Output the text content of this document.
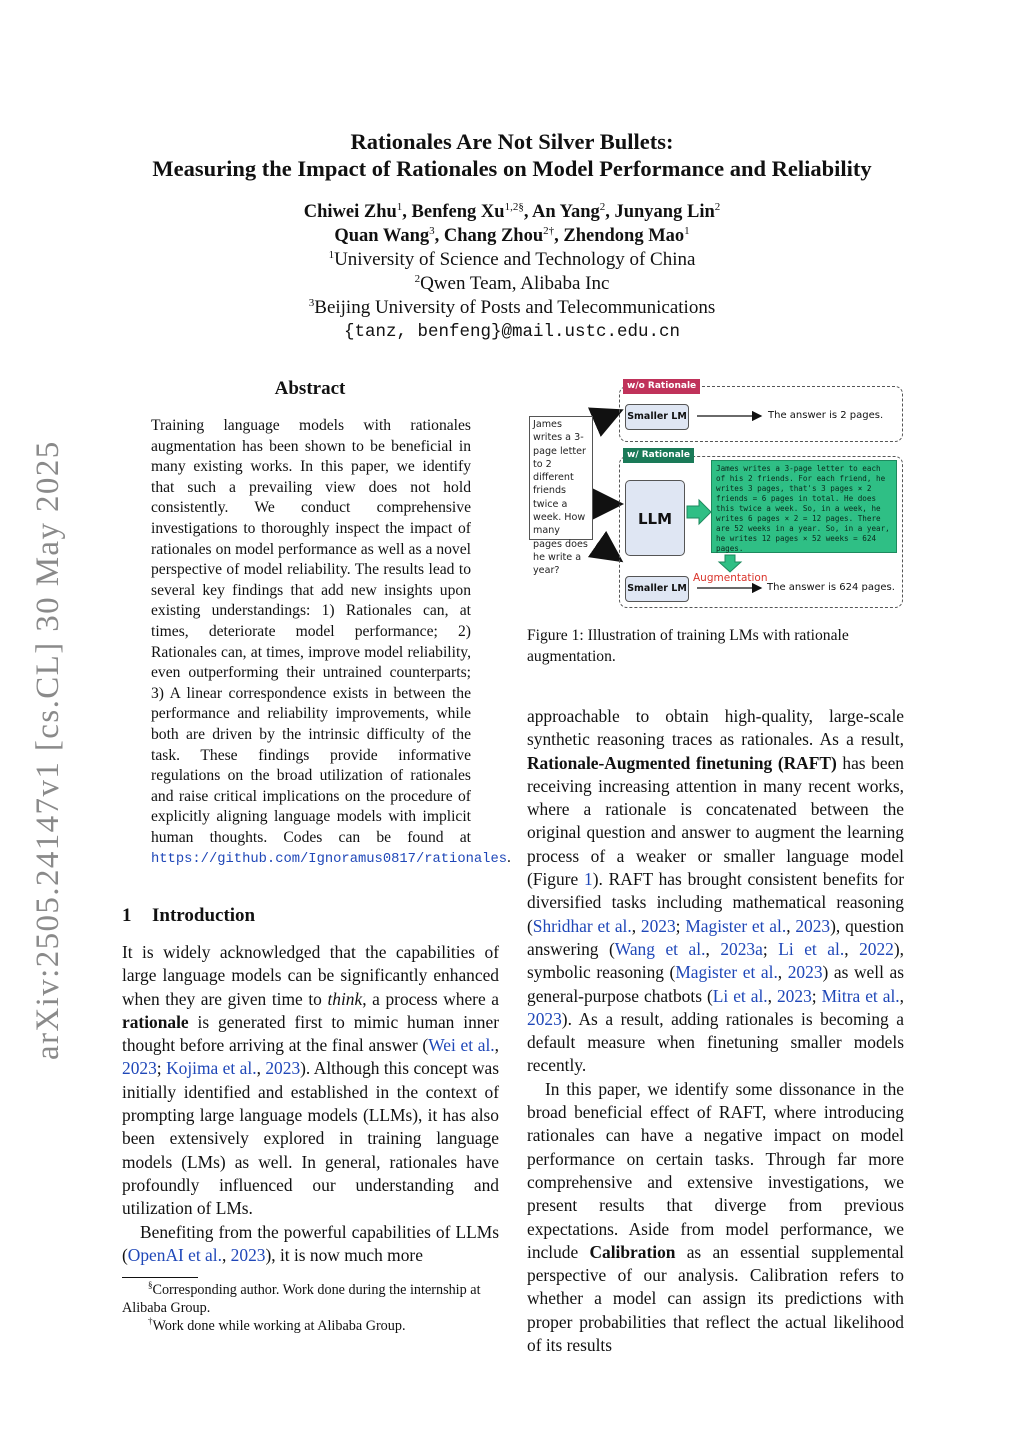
arXiv:2505.24147v1 [cs.CL] 30 May 2025
Rationales Are Not Silver Bullets:
Measuring the Impact of Rationales on Model Performance and Reliability
Chiwei Zhu$^1$, Benfeng $Xu^{1,2\S}$, An Yang$^2$, Junyang Lin$^2$
Quan Wang$^3$, Chang Zhou$^{2\dagger}$, Zhendong Mao$^1$
$^1$University of Science and Technology of China
$^2$Qwen Team, Alibaba Inc
$^3$Beijing University of Posts and Telecommunications
{tanz, benfeng}@mail.ustc.edu.cn
Abstract
Training language models with rationales augmentation has been shown to be beneficial in many existing works. In this paper, we identify that such a prevailing view does not hold consistently. We conduct comprehensive investigations to thoroughly inspect the impact of rationales on model performance as well as a novel perspective of model reliability. The results lead to several key findings that add new insights upon existing understandings: 1) Rationales can, at times, deteriorate model performance; 2) Rationales can, at times, improve model reliability, even outperforming their untrained counterparts; 3) A linear correspondence exists in between the performance and reliability improvements, while both are driven by the intrinsic difficulty of the task. These findings provide informative regulations on the broad utilization of rationales and raise critical implications on the procedure of explicitly aligning language models with implicit human thoughts. Codes can be found at https://github.com/Ignoramus0817/rationales.
1 Introduction

It is widely acknowledged that the capabilities of large language models can be significantly enhanced when they are given time to think, a process where a rationale is generated first to mimic human inner thought before arriving at the final answer (Wei et al., 2023; Kojima et al., 2023). Although this concept was initially identified and established in the context of prompting large language models (LLMs), it has also been extensively explored in training language models (LMs) as well. In general, rationales have profoundly influenced our understanding and utilization of LMs.

Benefiting from the powerful capabilities of LLMs (OpenAI et al., 2023), it is now much more

§Corresponding author. Work done during the internship at Alibaba Group.
†Work done while working at Alibaba Group.
w/o Rationale
Smaller LM	The answer is 2 pages.
James writes a 3-page letter to 2 different friends twice a week. How many pages does he write a year?
w/ Rationale
LLM
James writes a 3-page letter to each of his 2 friends. For each friend, he writes 3 pages, that's 3 pages × 2 friends = 6 pages in total. He does this twice a week. So, in a week, he writes 6 pages × 2 = 12 pages. There are 52 weeks in a year. So, in a year, he writes 12 pages × 52 weeks = 624 pages.
Augmentation
Smaller LM	The answer is 624 pages.
Figure 1: Illustration of training LMs with rationale augmentation.

approachable to obtain high-quality, large-scale synthetic reasoning traces as rationales. As a result, Rationale-Augmented finetuning (RAFT) has been receiving increasing attention in many recent works, where a rationale is concatenated between the original question and answer to augment the learning process of a weaker or smaller language model (Figure 1). RAFT has brought consistent benefits for diversified tasks including mathematical reasoning (Shridhar et al., 2023; Magister et al., 2023), question answering (Wang et al., 2023a; Li et al., 2022), symbolic reasoning (Magister et al., 2023) as well as general-purpose chatbots (Li et al., 2023; Mitra et al., 2023). As a result, adding rationales is becoming a default measure when finetuning smaller models recently.

In this paper, we identify some dissonance in the broad beneficial effect of RAFT, where introducing rationales can have a negative impact on model performance on certain tasks. Through far more comprehensive and extensive investigations, we present results that diverge from previous expectations. Aside from model performance, we include Calibration as an essential supplemental perspective of our analysis. Calibration refers to whether a model can assign its predictions with proper probabilities that reflect the actual likelihood of its results
